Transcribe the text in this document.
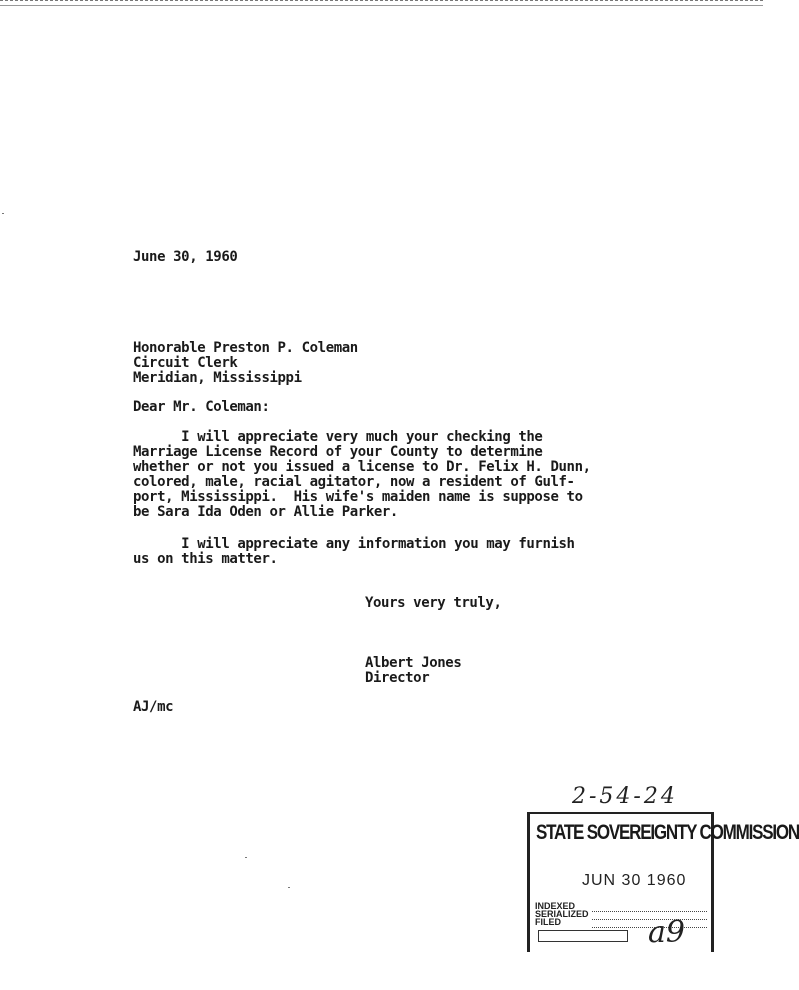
June 30, 1960
Honorable Preston P. Coleman
Circuit Clerk
Meridian, Mississippi
Dear Mr. Coleman:
I will appreciate very much your checking the
Marriage License Record of your County to determine
whether or not you issued a license to Dr. Felix H. Dunn,
colored, male, racial agitator, now a resident of Gulf-
port, Mississippi.  His wife's maiden name is suppose to
be Sara Ida Oden or Allie Parker.
I will appreciate any information you may furnish
us on this matter.
Yours very truly,
Albert Jones
Director
AJ/mc
2-54-24
STATE SOVEREIGNTY COMMISSION
JUN 30 1960
INDEXED
SERIALIZED
FILED	a9
